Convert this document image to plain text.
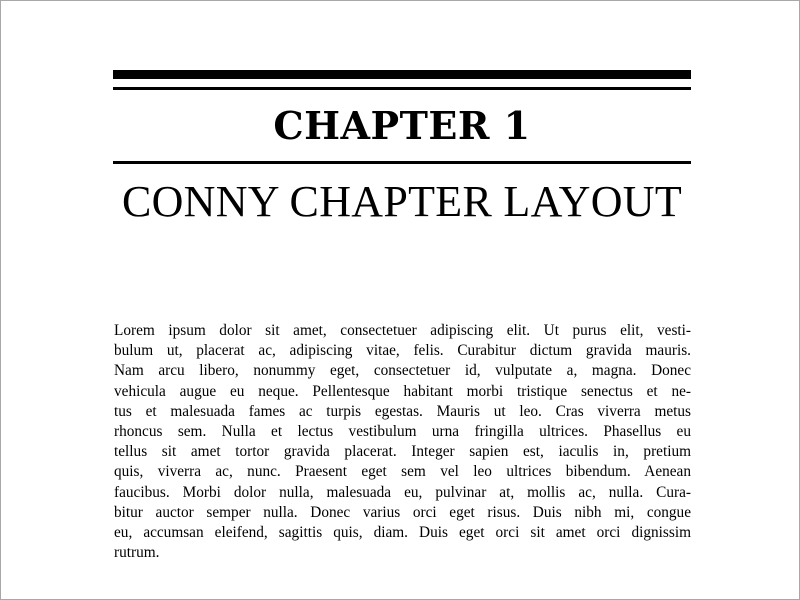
CHAPTER 1
CONNY CHAPTER LAYOUT
Lorem ipsum dolor sit amet, consectetuer adipiscing elit. Ut purus elit, vesti-
bulum ut, placerat ac, adipiscing vitae, felis. Curabitur dictum gravida mauris.
Nam arcu libero, nonummy eget, consectetuer id, vulputate a, magna. Donec
vehicula augue eu neque. Pellentesque habitant morbi tristique senectus et ne-
tus et malesuada fames ac turpis egestas. Mauris ut leo. Cras viverra metus
rhoncus sem. Nulla et lectus vestibulum urna fringilla ultrices. Phasellus eu
tellus sit amet tortor gravida placerat. Integer sapien est, iaculis in, pretium
quis, viverra ac, nunc. Praesent eget sem vel leo ultrices bibendum. Aenean
faucibus. Morbi dolor nulla, malesuada eu, pulvinar at, mollis ac, nulla. Cura-
bitur auctor semper nulla. Donec varius orci eget risus. Duis nibh mi, congue
eu, accumsan eleifend, sagittis quis, diam. Duis eget orci sit amet orci dignissim
rutrum.
